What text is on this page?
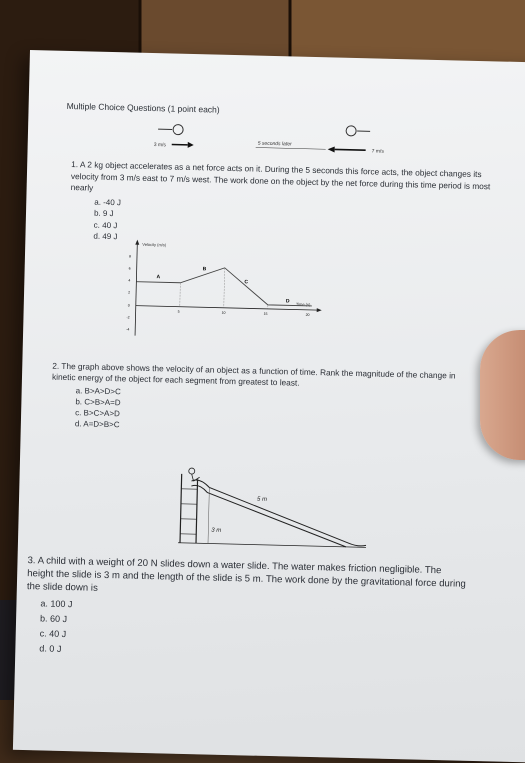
Multiple Choice Questions (1 point each)
3 m/s	5 seconds later
7 m/s
1. A 2 kg object accelerates as a net force acts on it. During the 5 seconds this force acts, the object changes its velocity from 3 m/s east to 7 m/s west. The work done on the object by the net force during this time period is most nearly
a. -40 J
b. 9 J
c. 40 J
d. 49 J
Velocity (m/s)
Time (s)
8
6
4
2
0
-2
-4
5	10	15	20
A
B
C
D
2. The graph above shows the velocity of an object as a function of time. Rank the magnitude of the change in kinetic energy of the object for each segment from greatest to least.
a. B>A>D>C
b. C>B>A=D
c. B>C>A>D
d. A=D>B>C
3 m
5 m
3. A child with a weight of 20 N slides down a water slide. The water makes friction negligible. The height the slide is 3 m and the length of the slide is 5 m. The work done by the gravitational force during the slide down is
a. 100 J
b. 60 J
c. 40 J
d. 0 J
